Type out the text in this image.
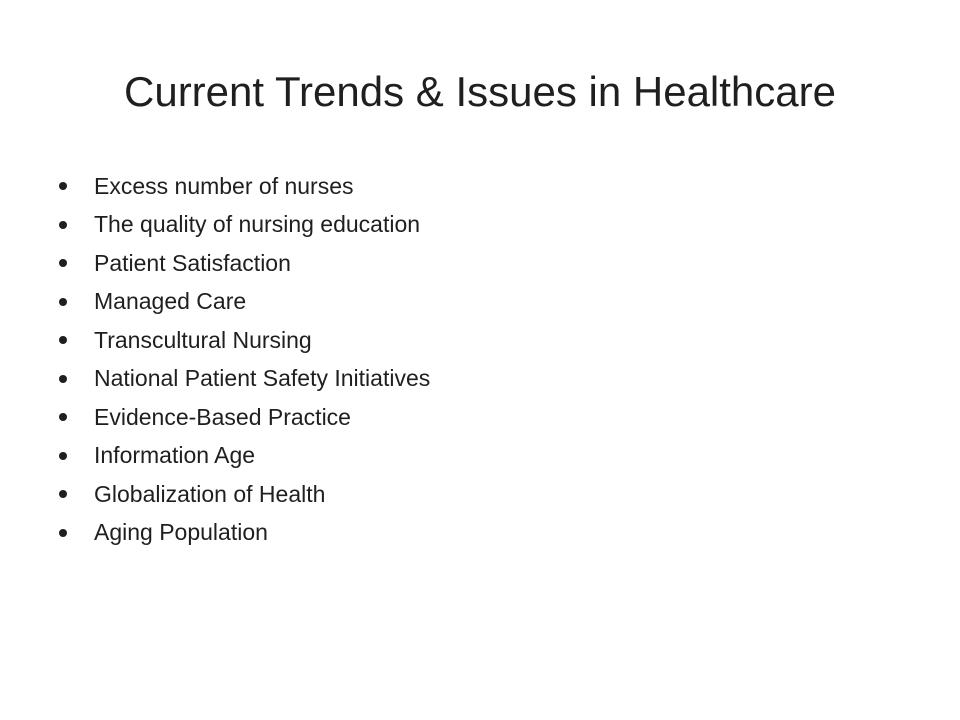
Current Trends & Issues in Healthcare
Excess number of nurses
The quality of nursing education
Patient Satisfaction
Managed Care
Transcultural Nursing
National Patient Safety Initiatives
Evidence-Based Practice
Information Age
Globalization of Health
Aging Population
